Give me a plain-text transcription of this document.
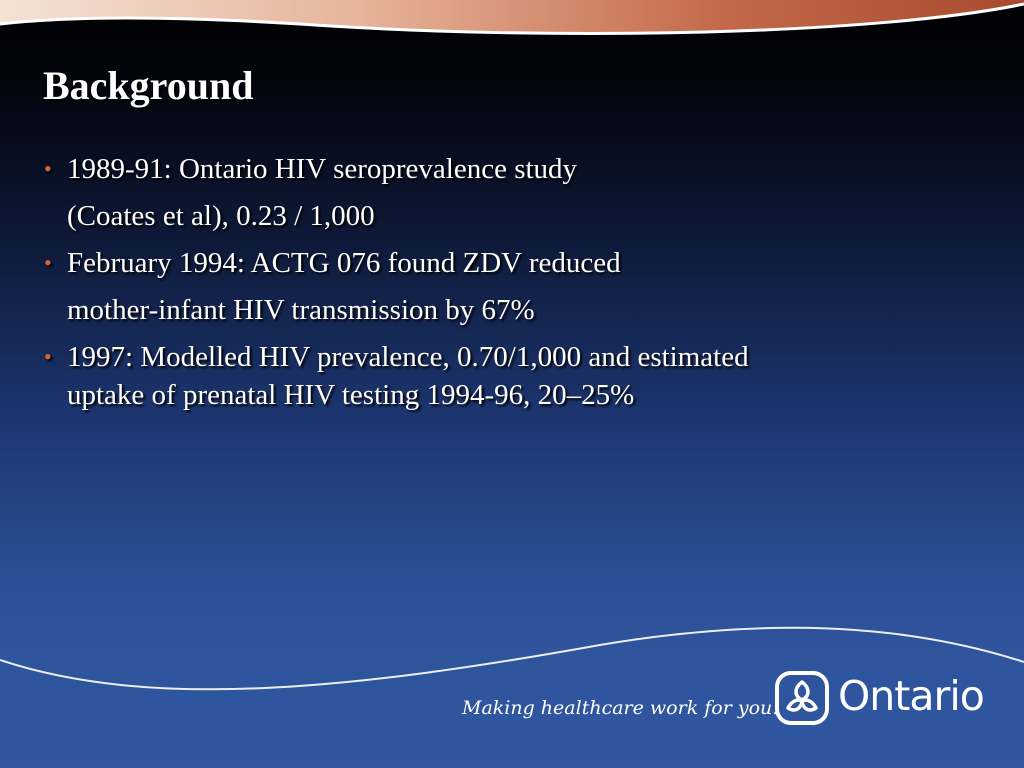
Background
• 1989-91: Ontario HIV seroprevalence study
(Coates et al), 0.23 / 1,000
• February 1994: ACTG 076 found ZDV reduced
mother-infant HIV transmission by 67%
• 1997: Modelled HIV prevalence, 0.70/1,000 and estimated
uptake of prenatal HIV testing 1994-96, 20–25%
Making healthcare work for you. Ontario
